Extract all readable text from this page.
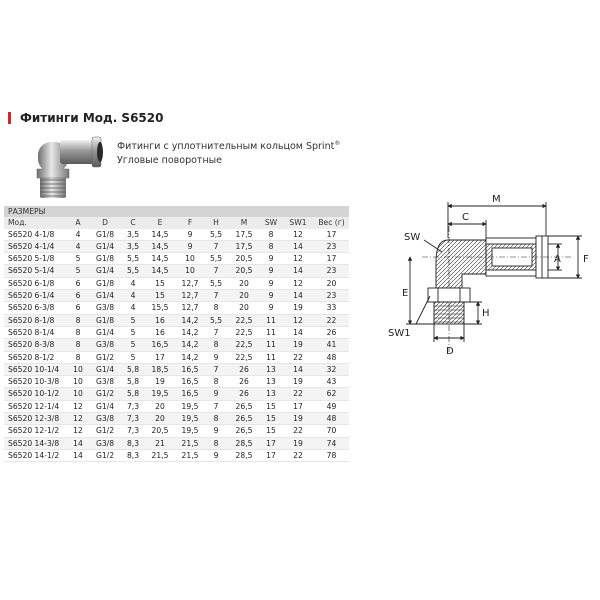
Фитинги Мод. S6520
Фитинги с уплотнительным кольцом Sprint®
Угловые поворотные
РАЗМЕРЫ										
Мод.	A	D	C	E	F	H	M	SW	SW1	Вес (г)
S6520 4-1/8	4	G1/8	3,5	14,5	9	5,5	17,5	8	12	17
S6520 4-1/4	4	G1/4	3,5	14,5	9	7	17,5	8	14	23
S6520 5-1/8	5	G1/8	5,5	14,5	10	5,5	20,5	9	12	17
S6520 5-1/4	5	G1/4	5,5	14,5	10	7	20,5	9	14	23
S6520 6-1/8	6	G1/8	4	15	12,7	5,5	20	9	12	20
S6520 6-1/4	6	G1/4	4	15	12,7	7	20	9	14	23
S6520 6-3/8	6	G3/8	4	15,5	12,7	8	20	9	19	33
S6520 8-1/8	8	G1/8	5	16	14,2	5,5	22,5	11	12	22
S6520 8-1/4	8	G1/4	5	16	14,2	7	22,5	11	14	26
S6520 8-3/8	8	G3/8	5	16,5	14,2	8	22,5	11	19	41
S6520 8-1/2	8	G1/2	5	17	14,2	9	22,5	11	22	48
S6520 10-1/4	10	G1/4	5,8	18,5	16,5	7	26	13	14	32
S6520 10-3/8	10	G3/8	5,8	19	16,5	8	26	13	19	43
S6520 10-1/2	10	G1/2	5,8	19,5	16,5	9	26	13	22	62
S6520 12-1/4	12	G1/4	7,3	20	19,5	7	26,5	15	17	49
S6520 12-3/8	12	G3/8	7,3	20	19,5	8	26,5	15	19	48
S6520 12-1/2	12	G1/2	7,3	20,5	19,5	9	26,5	15	22	70
S6520 14-3/8	14	G3/8	8,3	21	21,5	8	28,5	17	19	74
S6520 14-1/2	14	G1/2	8,3	21,5	21,5	9	28,5	17	22	78
M
C
SW
A F
E
H
SW1
D
